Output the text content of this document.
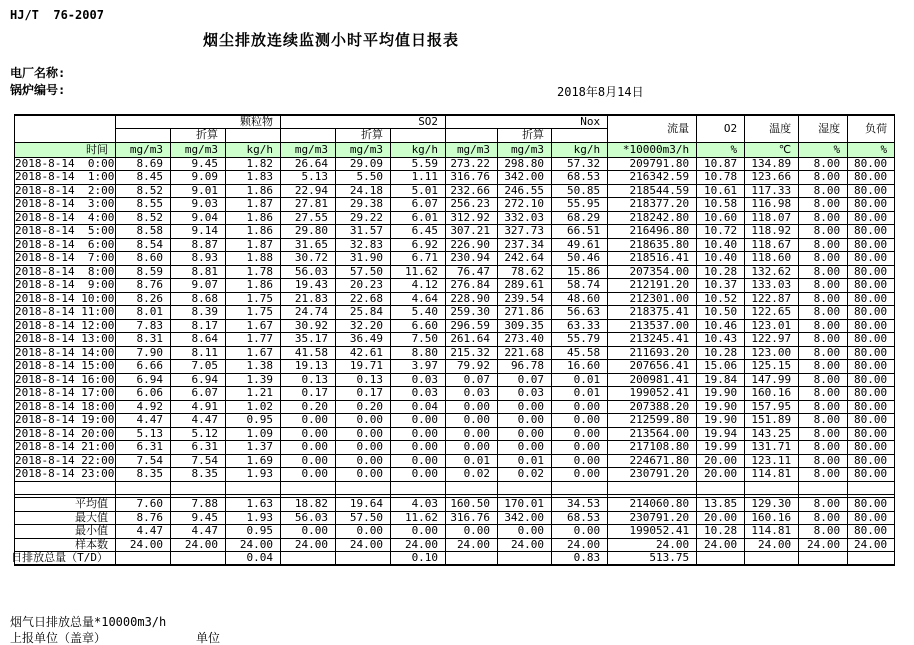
HJ/T  76-2007
烟尘排放连续监测小时平均值日报表
电厂名称:
锅炉编号:	2018年8月14日
	颗粒物			SO2			Nox			流量	O2	温度	湿度	负荷
		折算			折算			折算						
时间	mg/m3	mg/m3	kg/h	mg/m3	mg/m3	kg/h	mg/m3	mg/m3	kg/h	*10000m3/h	%	℃	%	%
2018-8-14  0:00	8.69	9.45	1.82	26.64	29.09	5.59	273.22	298.80	57.32	209791.80	10.87	134.89	8.00	80.00
2018-8-14  1:00	8.45	9.09	1.83	5.13	5.50	1.11	316.76	342.00	68.53	216342.59	10.78	123.66	8.00	80.00
2018-8-14  2:00	8.52	9.01	1.86	22.94	24.18	5.01	232.66	246.55	50.85	218544.59	10.61	117.33	8.00	80.00
2018-8-14  3:00	8.55	9.03	1.87	27.81	29.38	6.07	256.23	272.10	55.95	218377.20	10.58	116.98	8.00	80.00
2018-8-14  4:00	8.52	9.04	1.86	27.55	29.22	6.01	312.92	332.03	68.29	218242.80	10.60	118.07	8.00	80.00
2018-8-14  5:00	8.58	9.14	1.86	29.80	31.57	6.45	307.21	327.73	66.51	216496.80	10.72	118.92	8.00	80.00
2018-8-14  6:00	8.54	8.87	1.87	31.65	32.83	6.92	226.90	237.34	49.61	218635.80	10.40	118.67	8.00	80.00
2018-8-14  7:00	8.60	8.93	1.88	30.72	31.90	6.71	230.94	242.64	50.46	218516.41	10.40	118.60	8.00	80.00
2018-8-14  8:00	8.59	8.81	1.78	56.03	57.50	11.62	76.47	78.62	15.86	207354.00	10.28	132.62	8.00	80.00
2018-8-14  9:00	8.76	9.07	1.86	19.43	20.23	4.12	276.84	289.61	58.74	212191.20	10.37	133.03	8.00	80.00
2018-8-14 10:00	8.26	8.68	1.75	21.83	22.68	4.64	228.90	239.54	48.60	212301.00	10.52	122.87	8.00	80.00
2018-8-14 11:00	8.01	8.39	1.75	24.74	25.84	5.40	259.30	271.86	56.63	218375.41	10.50	122.65	8.00	80.00
2018-8-14 12:00	7.83	8.17	1.67	30.92	32.20	6.60	296.59	309.35	63.33	213537.00	10.46	123.01	8.00	80.00
2018-8-14 13:00	8.31	8.64	1.77	35.17	36.49	7.50	261.64	273.40	55.79	213245.41	10.43	122.97	8.00	80.00
2018-8-14 14:00	7.90	8.11	1.67	41.58	42.61	8.80	215.32	221.68	45.58	211693.20	10.28	123.00	8.00	80.00
2018-8-14 15:00	6.66	7.05	1.38	19.13	19.71	3.97	79.92	96.78	16.60	207656.41	15.06	125.15	8.00	80.00
2018-8-14 16:00	6.94	6.94	1.39	0.13	0.13	0.03	0.07	0.07	0.01	200981.41	19.84	147.99	8.00	80.00
2018-8-14 17:00	6.06	6.07	1.21	0.17	0.17	0.03	0.03	0.03	0.01	199052.41	19.90	160.16	8.00	80.00
2018-8-14 18:00	4.92	4.91	1.02	0.20	0.20	0.04	0.00	0.00	0.00	207388.20	19.90	157.95	8.00	80.00
2018-8-14 19:00	4.47	4.47	0.95	0.00	0.00	0.00	0.00	0.00	0.00	212599.80	19.90	151.89	8.00	80.00
2018-8-14 20:00	5.13	5.12	1.09	0.00	0.00	0.00	0.00	0.00	0.00	213564.00	19.94	143.25	8.00	80.00
2018-8-14 21:00	6.31	6.31	1.37	0.00	0.00	0.00	0.00	0.00	0.00	217108.80	19.99	131.71	8.00	80.00
2018-8-14 22:00	7.54	7.54	1.69	0.00	0.00	0.00	0.01	0.01	0.00	224671.80	20.00	123.11	8.00	80.00
2018-8-14 23:00	8.35	8.35	1.93	0.00	0.00	0.00	0.02	0.02	0.00	230791.20	20.00	114.81	8.00	80.00

平均值	7.60	7.88	1.63	18.82	19.64	4.03	160.50	170.01	34.53	214060.80	13.85	129.30	8.00	80.00
最大值	8.76	9.45	1.93	56.03	57.50	11.62	316.76	342.00	68.53	230791.20	20.00	160.16	8.00	80.00
最小值	4.47	4.47	0.95	0.00	0.00	0.00	0.00	0.00	0.00	199052.41	10.28	114.81	8.00	80.00
样本数	24.00	24.00	24.00	24.00	24.00	24.00	24.00	24.00	24.00	24.00	24.00	24.00	24.00	24.00
日排放总量（T/D）			0.04			0.10			0.83	513.75				
烟气日排放总量*10000m3/h
上报单位（盖章）	单位
